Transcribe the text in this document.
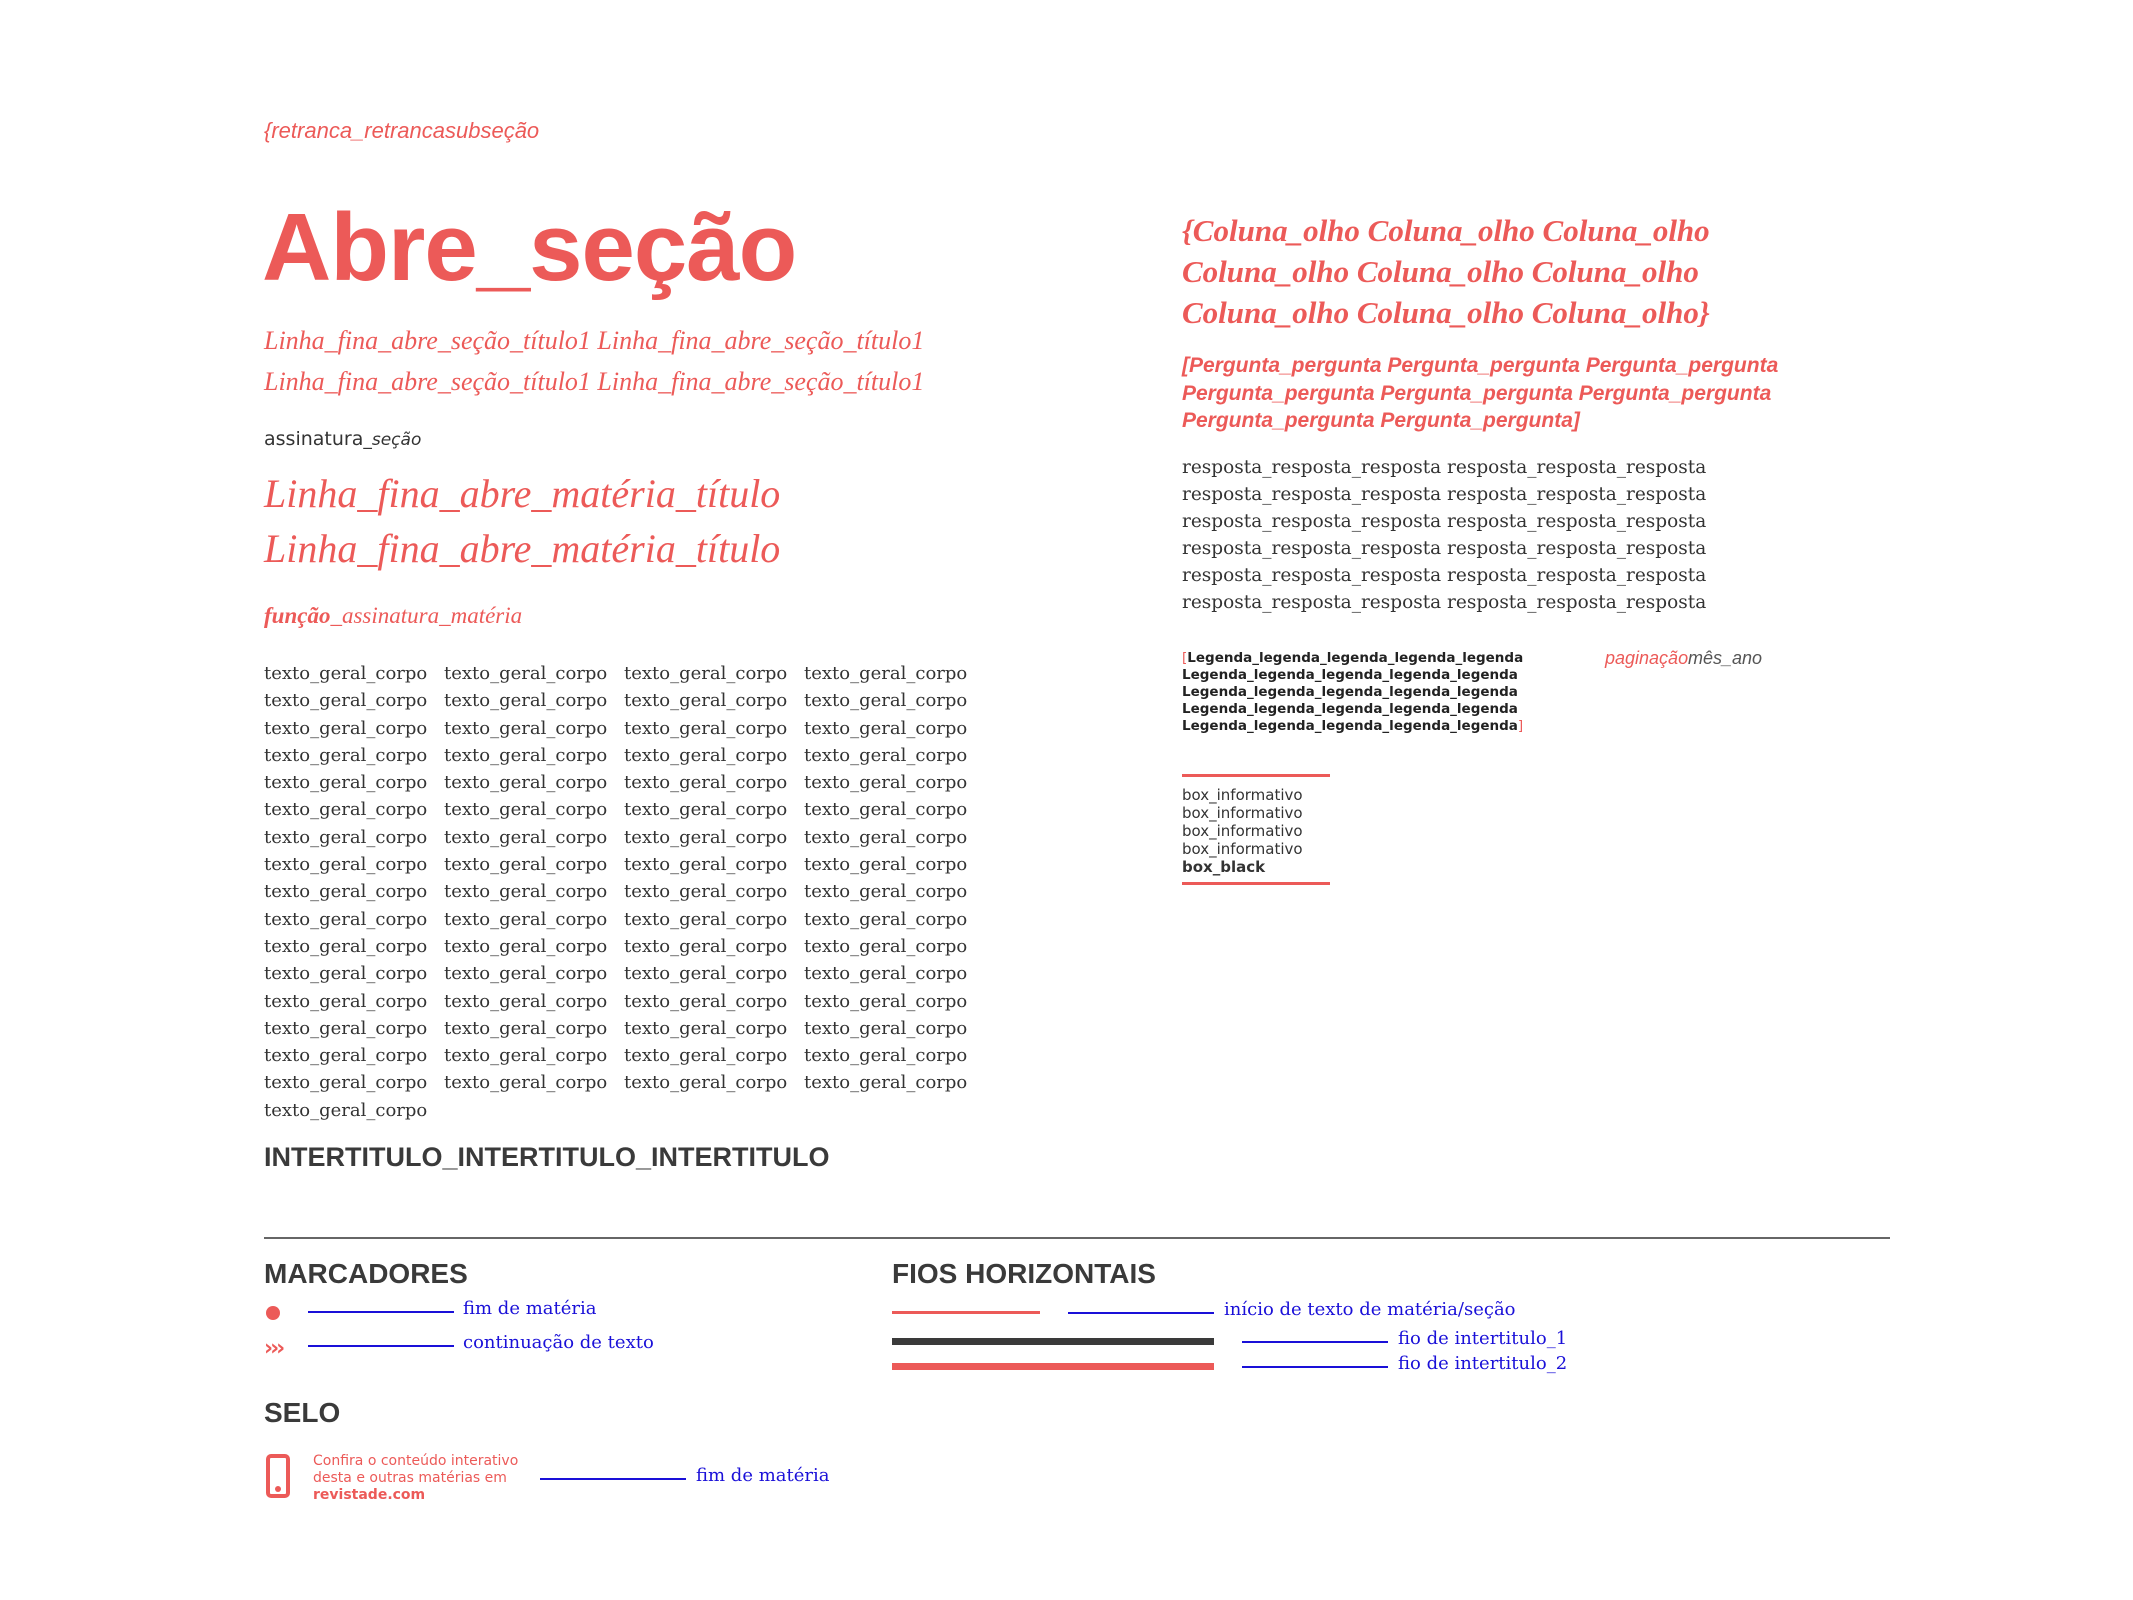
{retranca_retrancasubseção
Abre_seção
Linha_fina_abre_seção_título1 Linha_fina_abre_seção_título1
Linha_fina_abre_seção_título1 Linha_fina_abre_seção_título1
assinatura_seção
Linha_fina_abre_matéria_título
Linha_fina_abre_matéria_título
função_assinatura_matéria
texto_geral_corpo texto_geral_corpo texto_geral_corpo texto_geral_corpo
texto_geral_corpo texto_geral_corpo texto_geral_corpo texto_geral_corpo
texto_geral_corpo texto_geral_corpo texto_geral_corpo texto_geral_corpo
texto_geral_corpo texto_geral_corpo texto_geral_corpo texto_geral_corpo
texto_geral_corpo texto_geral_corpo texto_geral_corpo texto_geral_corpo
texto_geral_corpo texto_geral_corpo texto_geral_corpo texto_geral_corpo
texto_geral_corpo texto_geral_corpo texto_geral_corpo texto_geral_corpo
texto_geral_corpo texto_geral_corpo texto_geral_corpo texto_geral_corpo
texto_geral_corpo texto_geral_corpo texto_geral_corpo texto_geral_corpo
texto_geral_corpo texto_geral_corpo texto_geral_corpo texto_geral_corpo
texto_geral_corpo texto_geral_corpo texto_geral_corpo texto_geral_corpo
texto_geral_corpo texto_geral_corpo texto_geral_corpo texto_geral_corpo
texto_geral_corpo texto_geral_corpo texto_geral_corpo texto_geral_corpo
texto_geral_corpo texto_geral_corpo texto_geral_corpo texto_geral_corpo
texto_geral_corpo texto_geral_corpo texto_geral_corpo texto_geral_corpo
texto_geral_corpo texto_geral_corpo texto_geral_corpo texto_geral_corpo
texto_geral_corpo
INTERTITULO_INTERTITULO_INTERTITULO
{Coluna_olho Coluna_olho Coluna_olho Coluna_olho Coluna_olho Coluna_olho Coluna_olho Coluna_olho Coluna_olho}
[Pergunta_pergunta Pergunta_pergunta Pergunta_pergunta Pergunta_pergunta Pergunta_pergunta Pergunta_pergunta Pergunta_pergunta Pergunta_pergunta]
resposta_resposta_resposta resposta_resposta_resposta
resposta_resposta_resposta resposta_resposta_resposta
resposta_resposta_resposta resposta_resposta_resposta
resposta_resposta_resposta resposta_resposta_resposta
resposta_resposta_resposta resposta_resposta_resposta
resposta_resposta_resposta resposta_resposta_resposta
[Legenda_legenda_legenda_legenda_legenda
Legenda_legenda_legenda_legenda_legenda
Legenda_legenda_legenda_legenda_legenda
Legenda_legenda_legenda_legenda_legenda
Legenda_legenda_legenda_legenda_legenda]
paginação mês_ano
box_informativo
box_informativo
box_informativo
box_informativo
box_black
MARCADORES
fim de matéria
›››	continuação de texto
SELO
Confira o conteúdo interativo
desta e outras matérias em
revistade.com
fim de matéria
FIOS HORIZONTAIS
início de texto de matéria/seção
fio de intertitulo_1
fio de intertitulo_2
